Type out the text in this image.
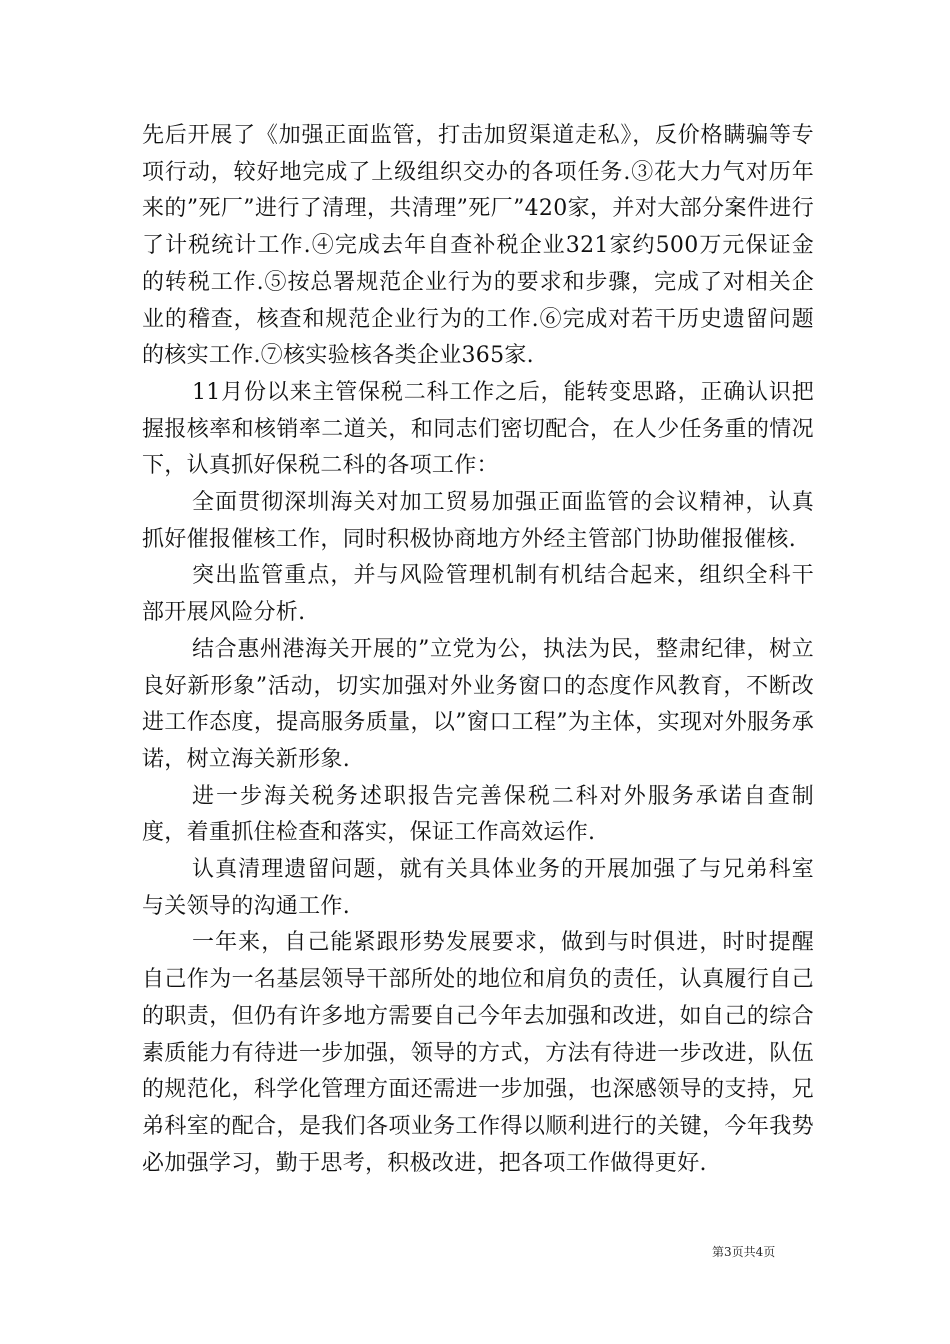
先后开展了《加强正面监管，打击加贸渠道走私》，反价格瞒骗等专项行动，较好地完成了上级组织交办的各项任务.③花大力气对历年来的”死厂”进行了清理，共清理”死厂”420家，并对大部分案件进行了计税统计工作.④完成去年自查补税企业321家约500万元保证金的转税工作.⑤按总署规范企业行为的要求和步骤，完成了对相关企业的稽查，核查和规范企业行为的工作.⑥完成对若干历史遗留问题的核实工作.⑦核实验核各类企业365家.

11月份以来主管保税二科工作之后，能转变思路，正确认识把握报核率和核销率二道关，和同志们密切配合，在人少任务重的情况下，认真抓好保税二科的各项工作：

全面贯彻深圳海关对加工贸易加强正面监管的会议精神，认真抓好催报催核工作，同时积极协商地方外经主管部门协助催报催核.

突出监管重点，并与风险管理机制有机结合起来，组织全科干部开展风险分析.

结合惠州港海关开展的”立党为公，执法为民，整肃纪律，树立良好新形象”活动，切实加强对外业务窗口的态度作风教育，不断改进工作态度，提高服务质量，以”窗口工程”为主体，实现对外服务承诺，树立海关新形象.

进一步海关税务述职报告完善保税二科对外服务承诺自查制度，着重抓住检查和落实，保证工作高效运作.

认真清理遗留问题，就有关具体业务的开展加强了与兄弟科室与关领导的沟通工作.

一年来，自己能紧跟形势发展要求，做到与时俱进，时时提醒自己作为一名基层领导干部所处的地位和肩负的责任，认真履行自己的职责，但仍有许多地方需要自己今年去加强和改进，如自己的综合素质能力有待进一步加强，领导的方式，方法有待进一步改进，队伍的规范化，科学化管理方面还需进一步加强，也深感领导的支持，兄弟科室的配合，是我们各项业务工作得以顺利进行的关键，今年我势必加强学习，勤于思考，积极改进，把各项工作做得更好.

第3页共4页
